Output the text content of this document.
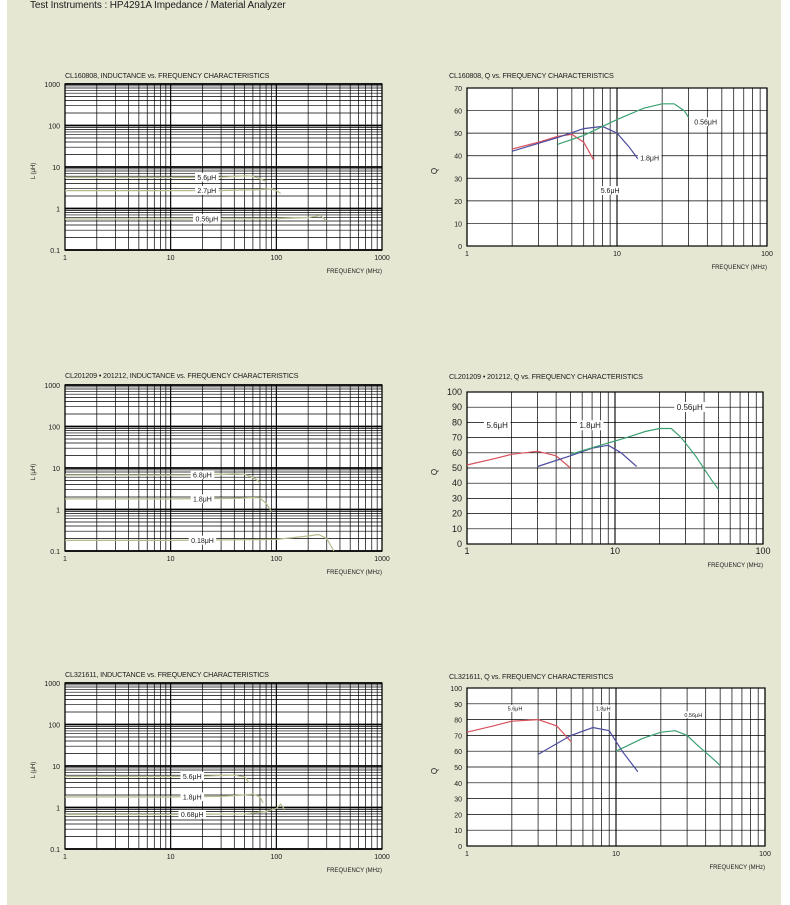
Test Instruments : HP4291A Impedance / Material Analyzer
CL160808, INDUCTANCE vs. FREQUENCY CHARACTERISTICS
1	10	100	1000
0.1
1
10
100
1000
FREQUENCY (MHz)
L (μH)	5.6μH
2.7μH
0.56μH
CL160808, Q vs. FREQUENCY CHARACTERISTICS
1	10	100
0
10
20
30
40
50
60
70
FREQUENCY (MHz)
Q
0.56μH
1.8μH
5.6μH
CL201209 • 201212, INDUCTANCE vs. FREQUENCY CHARACTERISTICS
1	10	100	1000
0.1
1
10
100
1000
FREQUENCY (MHz)
L (μH)	6.8μH
1.8μH
0.18μH
CL201209 • 201212, Q vs. FREQUENCY CHARACTERISTICS
1	10	100
0
10
20
30
40
50
60
70
80
90
100
FREQUENCY (MHz)
Q
5.6μH	1.8μH
0.56μH
CL321611, INDUCTANCE vs. FREQUENCY CHARACTERISTICS
1	10	100	1000
0.1
1
10
100
1000
FREQUENCY (MHz)
L (μH)	5.6μH
1.8μH
0.68μH
CL321611, Q vs. FREQUENCY CHARACTERISTICS
1	10	100
0
10
20
30
40
50
60
70
80
90
100
FREQUENCY (MHz)
Q
5.6μH	1.8μH
0.56μH
